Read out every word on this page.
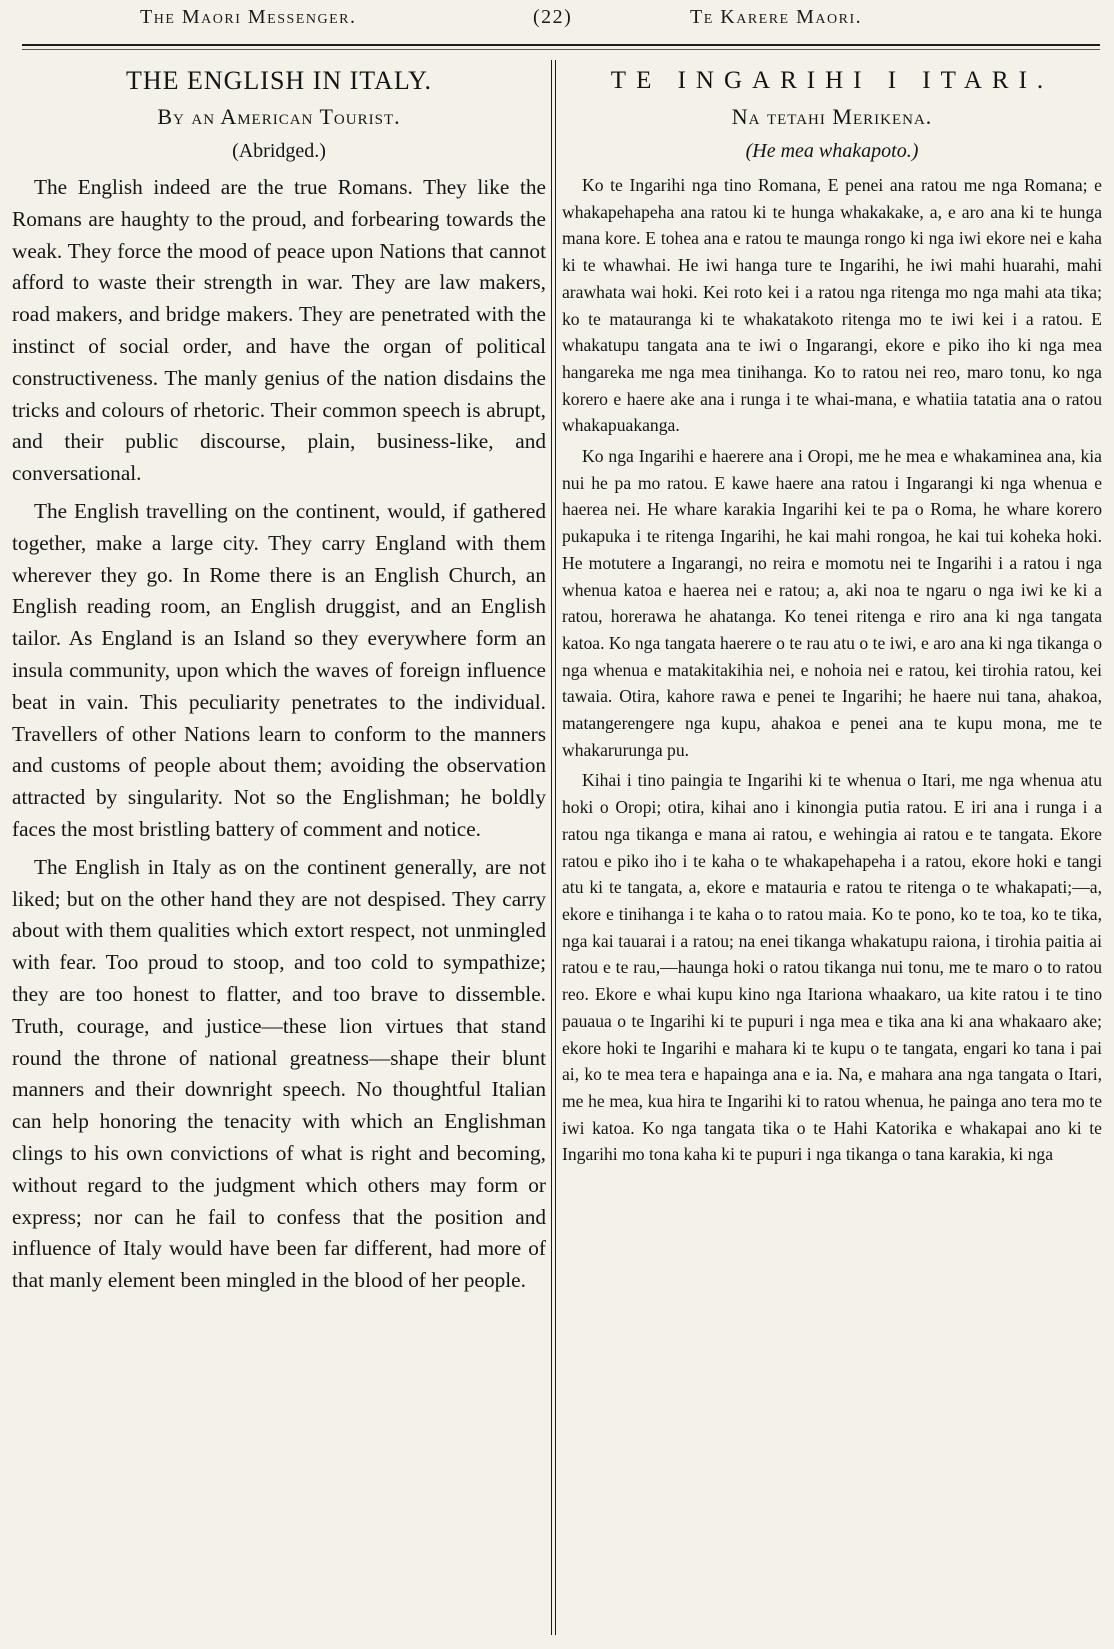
The Maori Messenger.	(22)	Te Karere Maori.
THE ENGLISH IN ITALY.
By an American Tourist.
(Abridged.)

The English indeed are the true Romans. They like the Romans are haughty to the proud, and forbearing towards the weak. They force the mood of peace upon Nations that cannot afford to waste their strength in war. They are law makers, road makers, and bridge makers. They are penetrated with the instinct of social order, and have the organ of political constructiveness. The manly genius of the nation disdains the tricks and colours of rhetoric. Their common speech is abrupt, and their public discourse, plain, business-like, and conversational.

The English travelling on the continent, would, if gathered together, make a large city. They carry England with them wherever they go. In Rome there is an English Church, an English reading room, an English druggist, and an English tailor. As England is an Island so they everywhere form an insula community, upon which the waves of foreign influence beat in vain. This peculiarity penetrates to the individual. Travellers of other Nations learn to conform to the manners and customs of people about them; avoiding the observation attracted by singularity. Not so the Englishman; he boldly faces the most bristling battery of comment and notice.

The English in Italy as on the continent generally, are not liked; but on the other hand they are not despised. They carry about with them qualities which extort respect, not unmingled with fear. Too proud to stoop, and too cold to sympathize; they are too honest to flatter, and too brave to dissemble. Truth, courage, and justice—these lion virtues that stand round the throne of national greatness—shape their blunt manners and their downright speech. No thoughtful Italian can help honoring the tenacity with which an Englishman clings to his own convictions of what is right and becoming, without regard to the judgment which others may form or express; nor can he fail to confess that the position and influence of Italy would have been far different, had more of that manly element been mingled in the blood of her people.

TE INGARIHI I ITARI.
Na tetahi Merikena.
(He mea whakapoto.)

Ko te Ingarihi nga tino Romana, E penei ana ratou me nga Romana; e whakapehapeha ana ratou ki te hunga whakakake, a, e aro ana ki te hunga mana kore. E tohea ana e ratou te maunga rongo ki nga iwi ekore nei e kaha ki te whawhai. He iwi hanga ture te Ingarihi, he iwi mahi huarahi, mahi arawhata wai hoki. Kei roto kei i a ratou nga ritenga mo nga mahi ata tika; ko te matauranga ki te whakatakoto ritenga mo te iwi kei i a ratou. E whakatupu tangata ana te iwi o Ingarangi, ekore e piko iho ki nga mea hangareka me nga mea tinihanga. Ko to ratou nei reo, maro tonu, ko nga korero e haere ake ana i runga i te whai-mana, e whatiia tatatia ana o ratou whakapuakanga.

Ko nga Ingarihi e haerere ana i Oropi, me he mea e whakaminea ana, kia nui he pa mo ratou. E kawe haere ana ratou i Ingarangi ki nga whenua e haerea nei. He whare karakia Ingarihi kei te pa o Roma, he whare korero pukapuka i te ritenga Ingarihi, he kai mahi rongoa, he kai tui koheka hoki. He motutere a Ingarangi, no reira e momotu nei te Ingarihi i a ratou i nga whenua katoa e haerea nei e ratou; a, aki noa te ngaru o nga iwi ke ki a ratou, horerawa he ahatanga. Ko tenei ritenga e riro ana ki nga tangata katoa. Ko nga tangata haerere o te rau atu o te iwi, e aro ana ki nga tikanga o nga whenua e matakitakihia nei, e nohoia nei e ratou, kei tirohia ratou, kei tawaia. Otira, kahore rawa e penei te Ingarihi; he haere nui tana, ahakoa, matangerengere nga kupu, ahakoa e penei ana te kupu mona, me te whakarurunga pu.

Kihai i tino paingia te Ingarihi ki te whenua o Itari, me nga whenua atu hoki o Oropi; otira, kihai ano i kinongia putia ratou. E iri ana i runga i a ratou nga tikanga e mana ai ratou, e wehingia ai ratou e te tangata. Ekore ratou e piko iho i te kaha o te whakapehapeha i a ratou, ekore hoki e tangi atu ki te tangata, a, ekore e matauria e ratou te ritenga o te whakapati;—a, ekore e tinihanga i te kaha o to ratou maia. Ko te pono, ko te toa, ko te tika, nga kai tauarai i a ratou; na enei tikanga whakatupu raiona, i tirohia paitia ai ratou e te rau,—haunga hoki o ratou tikanga nui tonu, me te maro o to ratou reo. Ekore e whai kupu kino nga Itariona whaakaro, ua kite ratou i te tino pauaua o te Ingarihi ki te pupuri i nga mea e tika ana ki ana whakaaro ake; ekore hoki te Ingarihi e mahara ki te kupu o te tangata, engari ko tana i pai ai, ko te mea tera e hapainga ana e ia. Na, e mahara ana nga tangata o Itari, me he mea, kua hira te Ingarihi ki to ratou whenua, he painga ano tera mo te iwi katoa. Ko nga tangata tika o te Hahi Katorika e whakapai ano ki te Ingarihi mo tona kaha ki te pupuri i nga tikanga o tana karakia, ki nga
